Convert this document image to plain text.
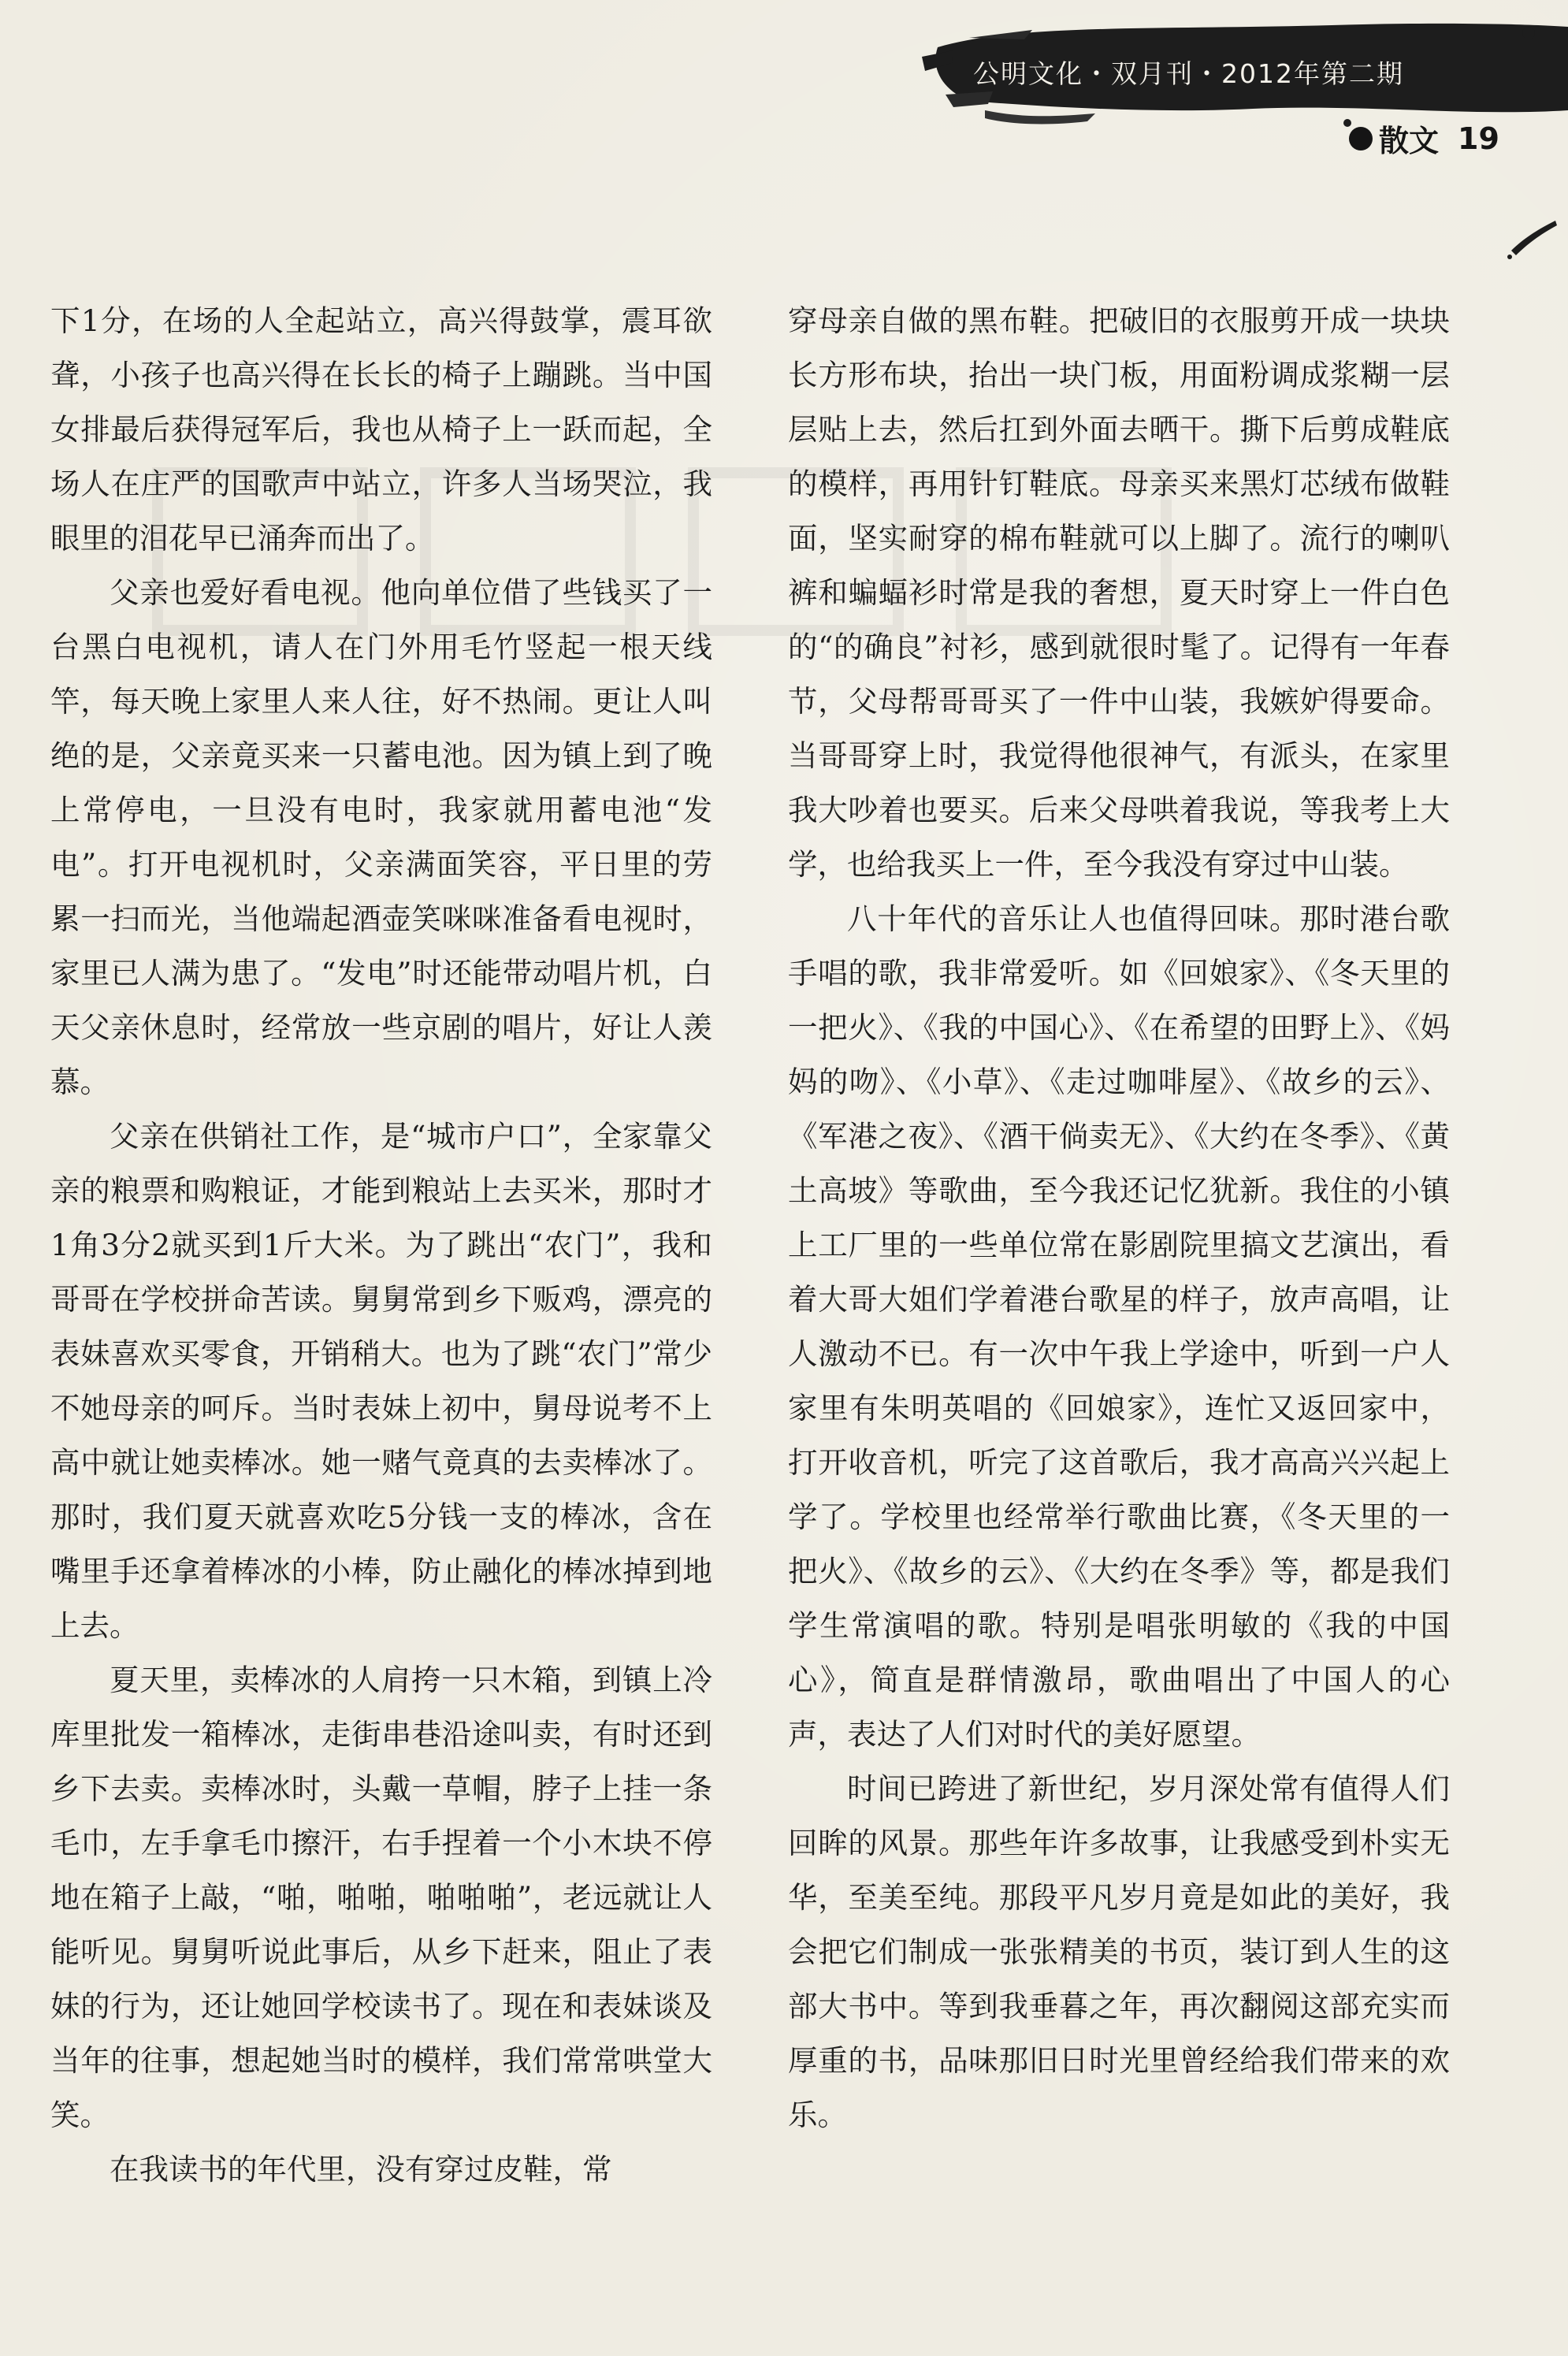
公明文化・双月刊・2012年第二期
散文 19

下1分，在场的人全起站立，高兴得鼓掌，震耳欲聋，小孩子也高兴得在长长的椅子上蹦跳。当中国女排最后获得冠军后，我也从椅子上一跃而起，全场人在庄严的国歌声中站立，许多人当场哭泣，我眼里的泪花早已涌奔而出了。

父亲也爱好看电视。他向单位借了些钱买了一台黑白电视机，请人在门外用毛竹竖起一根天线竿，每天晚上家里人来人往，好不热闹。更让人叫绝的是，父亲竟买来一只蓄电池。因为镇上到了晚上常停电，一旦没有电时，我家就用蓄电池“发电”。打开电视机时，父亲满面笑容，平日里的劳累一扫而光，当他端起酒壶笑咪咪准备看电视时，家里已人满为患了。“发电”时还能带动唱片机，白天父亲休息时，经常放一些京剧的唱片，好让人羡慕。

父亲在供销社工作，是“城市户口”，全家靠父亲的粮票和购粮证，才能到粮站上去买米，那时才1角3分2就买到1斤大米。为了跳出“农门”，我和哥哥在学校拼命苦读。舅舅常到乡下贩鸡，漂亮的表妹喜欢买零食，开销稍大。也为了跳“农门”常少不她母亲的呵斥。当时表妹上初中，舅母说考不上高中就让她卖棒冰。她一赌气竟真的去卖棒冰了。那时，我们夏天就喜欢吃5分钱一支的棒冰，含在嘴里手还拿着棒冰的小棒，防止融化的棒冰掉到地上去。

夏天里，卖棒冰的人肩挎一只木箱，到镇上冷库里批发一箱棒冰，走街串巷沿途叫卖，有时还到乡下去卖。卖棒冰时，头戴一草帽，脖子上挂一条毛巾，左手拿毛巾擦汗，右手捏着一个小木块不停地在箱子上敲，“啪，啪啪，啪啪啪”，老远就让人能听见。舅舅听说此事后，从乡下赶来，阻止了表妹的行为，还让她回学校读书了。现在和表妹谈及当年的往事，想起她当时的模样，我们常常哄堂大笑。

在我读书的年代里，没有穿过皮鞋，常

穿母亲自做的黑布鞋。把破旧的衣服剪开成一块块长方形布块，抬出一块门板，用面粉调成浆糊一层层贴上去，然后扛到外面去晒干。撕下后剪成鞋底的模样，再用针钉鞋底。母亲买来黑灯芯绒布做鞋面，坚实耐穿的棉布鞋就可以上脚了。流行的喇叭裤和蝙蝠衫时常是我的奢想，夏天时穿上一件白色的“的确良”衬衫，感到就很时髦了。记得有一年春节，父母帮哥哥买了一件中山装，我嫉妒得要命。当哥哥穿上时，我觉得他很神气，有派头，在家里我大吵着也要买。后来父母哄着我说，等我考上大学，也给我买上一件，至今我没有穿过中山装。

八十年代的音乐让人也值得回味。那时港台歌手唱的歌，我非常爱听。如《回娘家》、《冬天里的一把火》、《我的中国心》、《在希望的田野上》、《妈妈的吻》、《小草》、《走过咖啡屋》、《故乡的云》、《军港之夜》、《酒干倘卖无》、《大约在冬季》、《黄土高坡》等歌曲，至今我还记忆犹新。我住的小镇上工厂里的一些单位常在影剧院里搞文艺演出，看着大哥大姐们学着港台歌星的样子，放声高唱，让人激动不已。有一次中午我上学途中，听到一户人家里有朱明英唱的《回娘家》，连忙又返回家中，打开收音机，听完了这首歌后，我才高高兴兴起上学了。学校里也经常举行歌曲比赛，《冬天里的一把火》、《故乡的云》、《大约在冬季》等，都是我们学生常演唱的歌。特别是唱张明敏的《我的中国心》，简直是群情激昂，歌曲唱出了中国人的心声，表达了人们对时代的美好愿望。

时间已跨进了新世纪，岁月深处常有值得人们回眸的风景。那些年许多故事，让我感受到朴实无华，至美至纯。那段平凡岁月竟是如此的美好，我会把它们制成一张张精美的书页，装订到人生的这部大书中。等到我垂暮之年，再次翻阅这部充实而厚重的书，品味那旧日时光里曾经给我们带来的欢乐。
